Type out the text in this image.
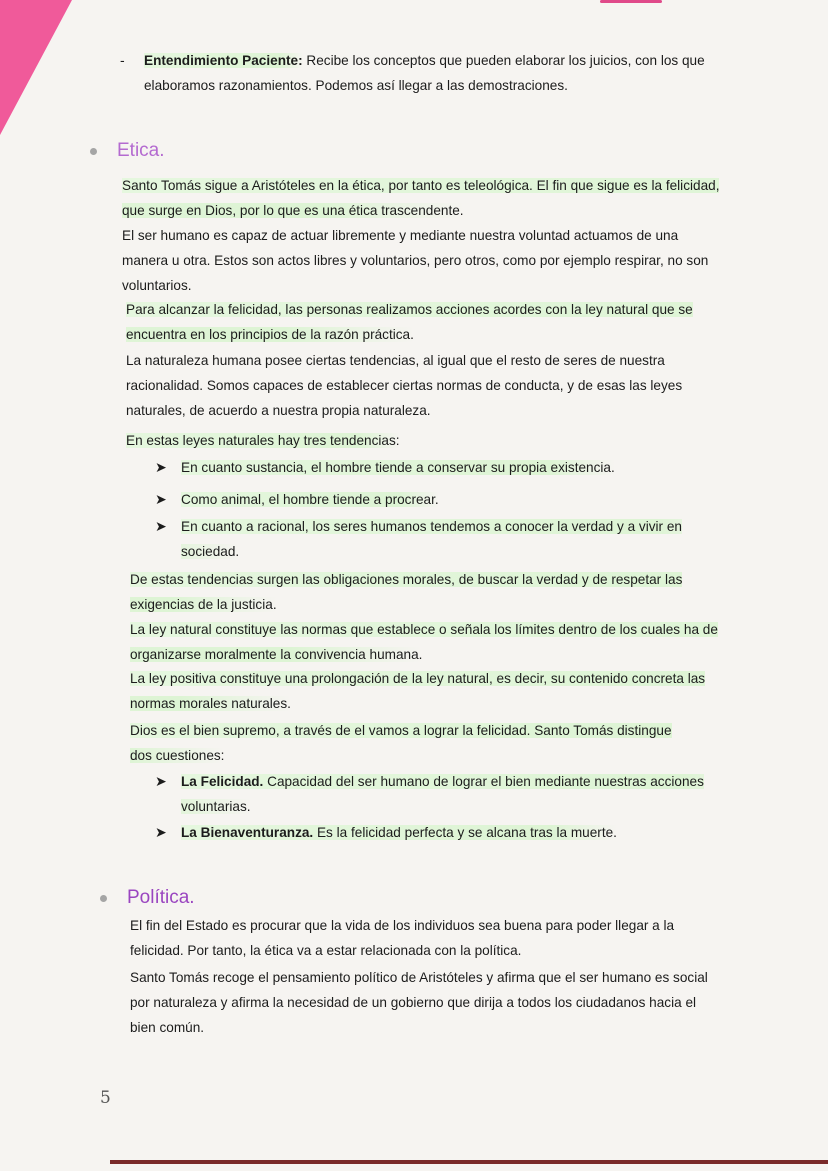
-	Entendimiento Paciente: Recibe los conceptos que pueden elaborar los juicios, con los que elaboramos razonamientos. Podemos así llegar a las demostraciones.

Etica.

Santo Tomás sigue a Aristóteles en la ética, por tanto es teleológica. El fin que sigue es la felicidad, que surge en Dios, por lo que es una ética trascendente.

El ser humano es capaz de actuar libremente y mediante nuestra voluntad actuamos de una manera u otra. Estos son actos libres y voluntarios, pero otros, como por ejemplo respirar, no son voluntarios.

Para alcanzar la felicidad, las personas realizamos acciones acordes con la ley natural que se encuentra en los principios de la razón práctica.

La naturaleza humana posee ciertas tendencias, al igual que el resto de seres de nuestra racionalidad. Somos capaces de establecer ciertas normas de conducta, y de esas las leyes naturales, de acuerdo a nuestra propia naturaleza.

En estas leyes naturales hay tres tendencias:

➤	En cuanto sustancia, el hombre tiende a conservar su propia existencia.

➤	Como animal, el hombre tiende a procrear.

➤	En cuanto a racional, los seres humanos tendemos a conocer la verdad y a vivir en sociedad.

De estas tendencias surgen las obligaciones morales, de buscar la verdad y de respetar las exigencias de la justicia.

La ley natural constituye las normas que establece o señala los límites dentro de los cuales ha de organizarse moralmente la convivencia humana.

La ley positiva constituye una prolongación de la ley natural, es decir, su contenido concreta las normas morales naturales.

Dios es el bien supremo, a través de el vamos a lograr la felicidad. Santo Tomás distingue dos cuestiones:

➤	La Felicidad. Capacidad del ser humano de lograr el bien mediante nuestras acciones voluntarias.

➤	La Bienaventuranza. Es la felicidad perfecta y se alcana tras la muerte.

Política.

El fin del Estado es procurar que la vida de los individuos sea buena para poder llegar a la felicidad. Por tanto, la ética va a estar relacionada con la política.

Santo Tomás recoge el pensamiento político de Aristóteles y afirma que el ser humano es social por naturaleza y afirma la necesidad de un gobierno que dirija a todos los ciudadanos hacia el bien común.

5
